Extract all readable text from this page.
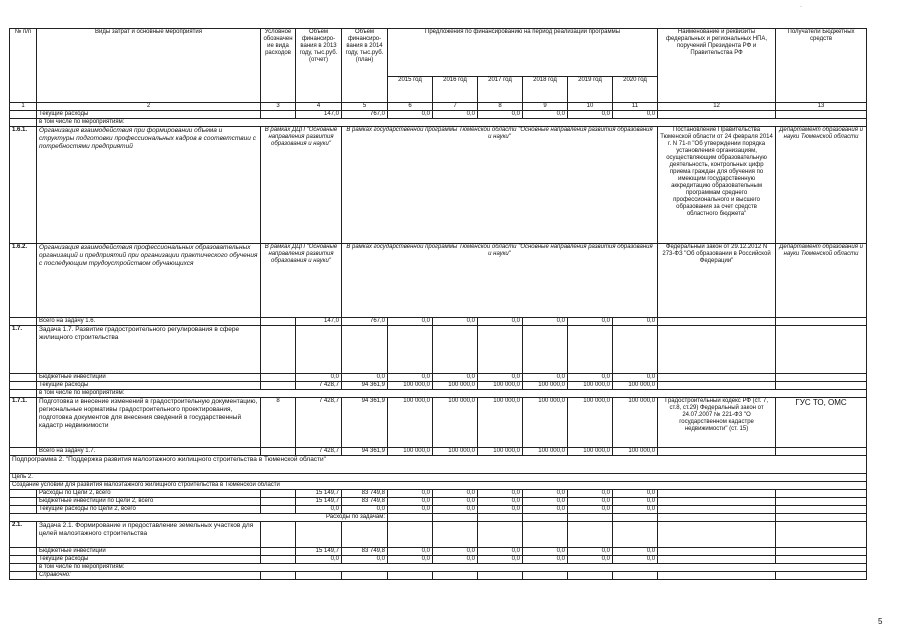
·
№ п/п	Виды затрат и основные мероприятия	Условное обозначение вида расходов	Объем финансиро-вания в 2013 году, тыс.руб. (отчет)	Объем финансиро-вания в 2014 году, тыс.руб. (план)	Предложения по финансированию на период реализации программы						Наименование и реквизиты федеральных и региональных НПА, поручений Президента РФ и Правительства РФ	Получатели Бюджетных средств
					2015 год	2016 год	2017 год	2018 год	2019 год	2020 год		
1	2	3	4	5	6	7	8	9	10	11	12	13
	Текущие расходы		147,0	767,0	0,0	0,0	0,0	0,0	0,0	0,0		
	в том числе по мероприятиям:											
1.6.1.	Организация взаимодействия при формировании объема и структуры подготовки профессиональных кадров в соответствии с потребностями предприятий	В рамках ДЦП "Основные направления развития образования и науки"		В рамках государственной программы Тюменской области "Основные направления развития образования и науки"							Постановление Правительства Тюменской области от 24 февраля 2014 г. N 71-п "Об утверждении порядка установления организациям, осуществляющим образовательную деятельность, контрольных цифр приема граждан для обучения по имеющим государственную аккредитацию образовательным программам среднего профессионального и высшего образования за счет средств областного бюджета"	Департамент образования и науки Тюменской области
1.6.2.	Организация взаимодействия профессиональных образовательных организаций и предприятий при организации практического обучения с последующим трудоустройством обучающихся	В рамках ДЦП "Основные направления развития образования и науки"		В рамках государственной программы Тюменской области "Основные направления развития образования и науки"							Федеральный закон от 29.12.2012 N 273-ФЗ "Об образовании в Российской Федерации"	Департамент образования и науки Тюменской области
	Всего на задачу 1.6.		147,0	767,0	0,0	0,0	0,0	0,0	0,0	0,0		
1.7.	Задача 1.7. Развитие градостроительного регулирования в сфере жилищного строительства											
	Бюджетные инвестиции		0,0	0,0	0,0	0,0	0,0	0,0	0,0	0,0		
	Текущие расходы		7 428,7	94 361,9	100 000,0	100 000,0	100 000,0	100 000,0	100 000,0	100 000,0		
	в том числе по мероприятиям:											
1.7.1.	Подготовка и внесение изменений в градостроительную документацию, региональные нормативы градостроительного проектирования, подготовка документов для внесения сведений в государственный кадастр недвижимости	8	7 428,7	94 361,9	100 000,0	100 000,0	100 000,0	100 000,0	100 000,0	100 000,0	Градостроительный кодекс РФ (ст. 7, ст.8, ст.29) Федеральный закон от 24.07.2007 № 221-ФЗ "О государственном кадастре недвижимости" (ст. 15)	ГУС ТО, ОМС
	Всего на задачу 1.7.		7 428,7	94 361,9	100 000,0	100 000,0	100 000,0	100 000,0	100 000,0	100 000,0		
Подпрограмма 2. "Поддержка развития малоэтажного жилищного строительства в Тюменской области"												
Цель 2.												
Создание условий для развития малоэтажного жилищного строительства в Тюменской области												
	Расходы по Цели 2, всего		15 149,7	83 749,8	0,0	0,0	0,0	0,0	0,0	0,0		
	Бюджетные инвестиции по Цели 2, всего		15 149,7	83 749,8	0,0	0,0	0,0	0,0	0,0	0,0		
	Текущие расходы по Цели 2, всего		0,0	0,0	0,0	0,0	0,0	0,0	0,0	0,0		
Расходы по задачам:												
2.1.	Задача 2.1. Формирование и предоставление земельных участков для целей малоэтажного строительства											
	Бюджетные инвестиции		15 149,7	83 749,8	0,0	0,0	0,0	0,0	0,0	0,0		
	Текущие расходы		0,0	0,0	0,0	0,0	0,0	0,0	0,0	0,0		
	в том числе по мероприятиям:											
	Справочно:											
5
